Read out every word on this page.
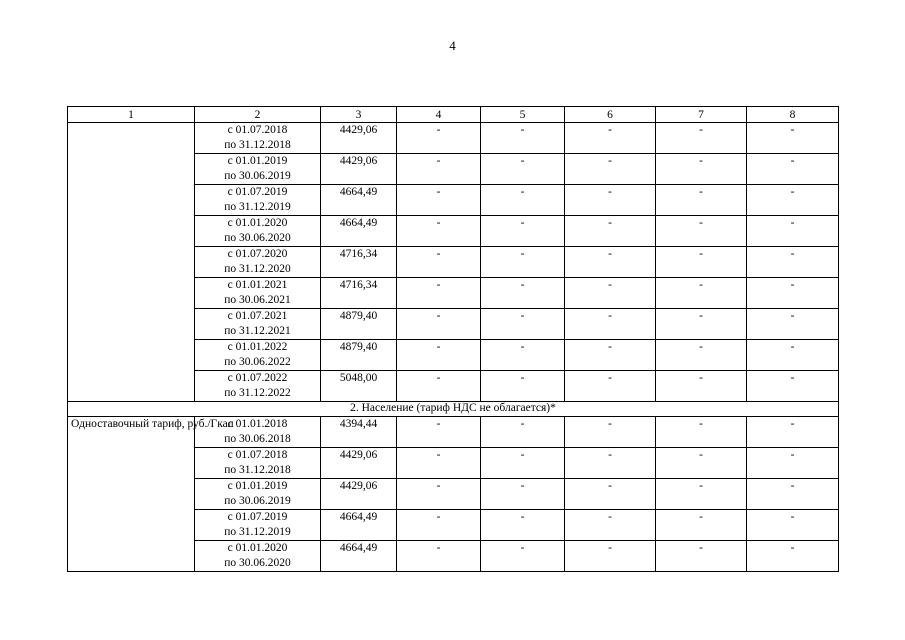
4
1	2	3	4	5	6	7	8

	с 01.07.2018
по 31.12.2018	4429,06	-	-	-	-	-

	с 01.01.2019
по 30.06.2019	4429,06	-	-	-	-	-

	с 01.07.2019
по 31.12.2019	4664,49	-	-	-	-	-

	с 01.01.2020
по 30.06.2020	4664,49	-	-	-	-	-

	с 01.07.2020
по 31.12.2020	4716,34	-	-	-	-	-

	с 01.01.2021
по 30.06.2021	4716,34	-	-	-	-	-

	с 01.07.2021
по 31.12.2021	4879,40	-	-	-	-	-

	с 01.01.2022
по 30.06.2022	4879,40	-	-	-	-	-

	с 01.07.2022
по 31.12.2022	5048,00	-	-	-	-	-
2. Население (тариф НДС не облагается)*							
Одноставочный тариф, руб./Гкал	с 01.01.2018
по 30.06.2018	4394,44	-	-	-	-	-

	с 01.07.2018
по 31.12.2018	4429,06	-	-	-	-	-

	с 01.01.2019
по 30.06.2019	4429,06	-	-	-	-	-

	с 01.07.2019
по 31.12.2019	4664,49	-	-	-	-	-

	с 01.01.2020
по 30.06.2020	4664,49	-	-	-	-	-
